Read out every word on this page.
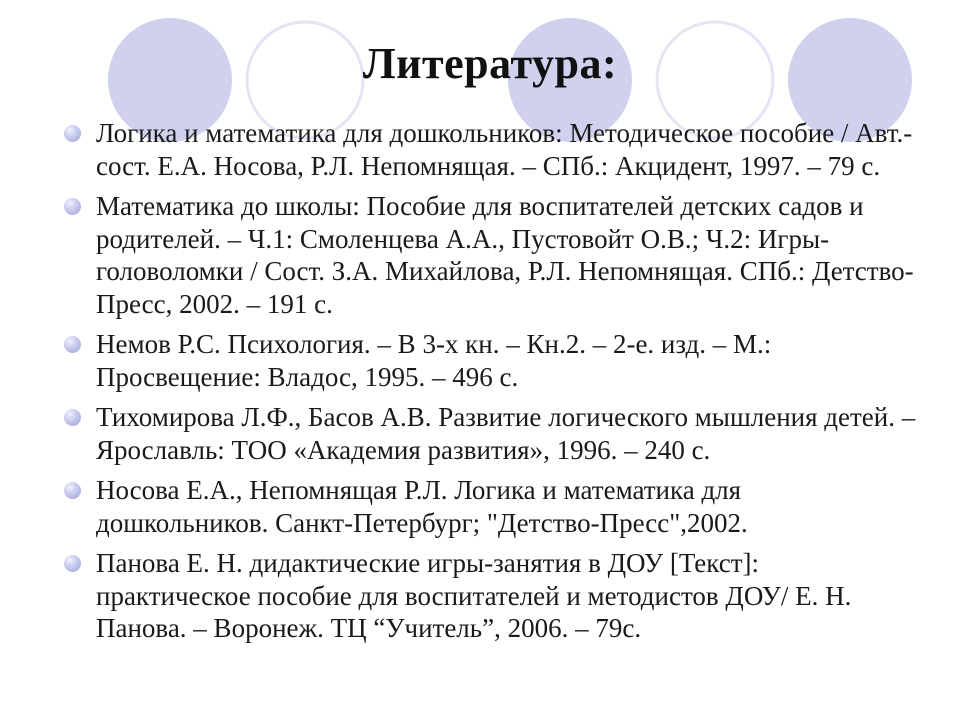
Литература:
Логика и математика для дошкольников: Методическое пособие / Авт.-сост. Е.А. Носова, Р.Л. Непомнящая. – СПб.: Акцидент, 1997. – 79 с.
Математика до школы: Пособие для воспитателей детских садов и родителей. – Ч.1: Смоленцева А.А., Пустовойт О.В.; Ч.2: Игры-головоломки / Сост. З.А. Михайлова, Р.Л. Непомнящая. СПб.: Детство-Пресс, 2002. – 191 с.
Немов Р.С. Психология. – В 3-х кн. – Кн.2. – 2-е. изд. – М.: Просвещение: Владос, 1995. – 496 с.
Тихомирова Л.Ф., Басов А.В. Развитие логического мышления детей. – Ярославль: ТОО «Академия развития», 1996. – 240 с.
Носова Е.А., Непомнящая Р.Л. Логика и математика для дошкольников. Санкт-Петербург; "Детство-Пресс",2002.
Панова Е. Н. дидактические игры-занятия в ДОУ [Текст]: практическое пособие для воспитателей и методистов ДОУ/ Е. Н. Панова. – Воронеж. ТЦ “Учитель”, 2006. – 79с.
